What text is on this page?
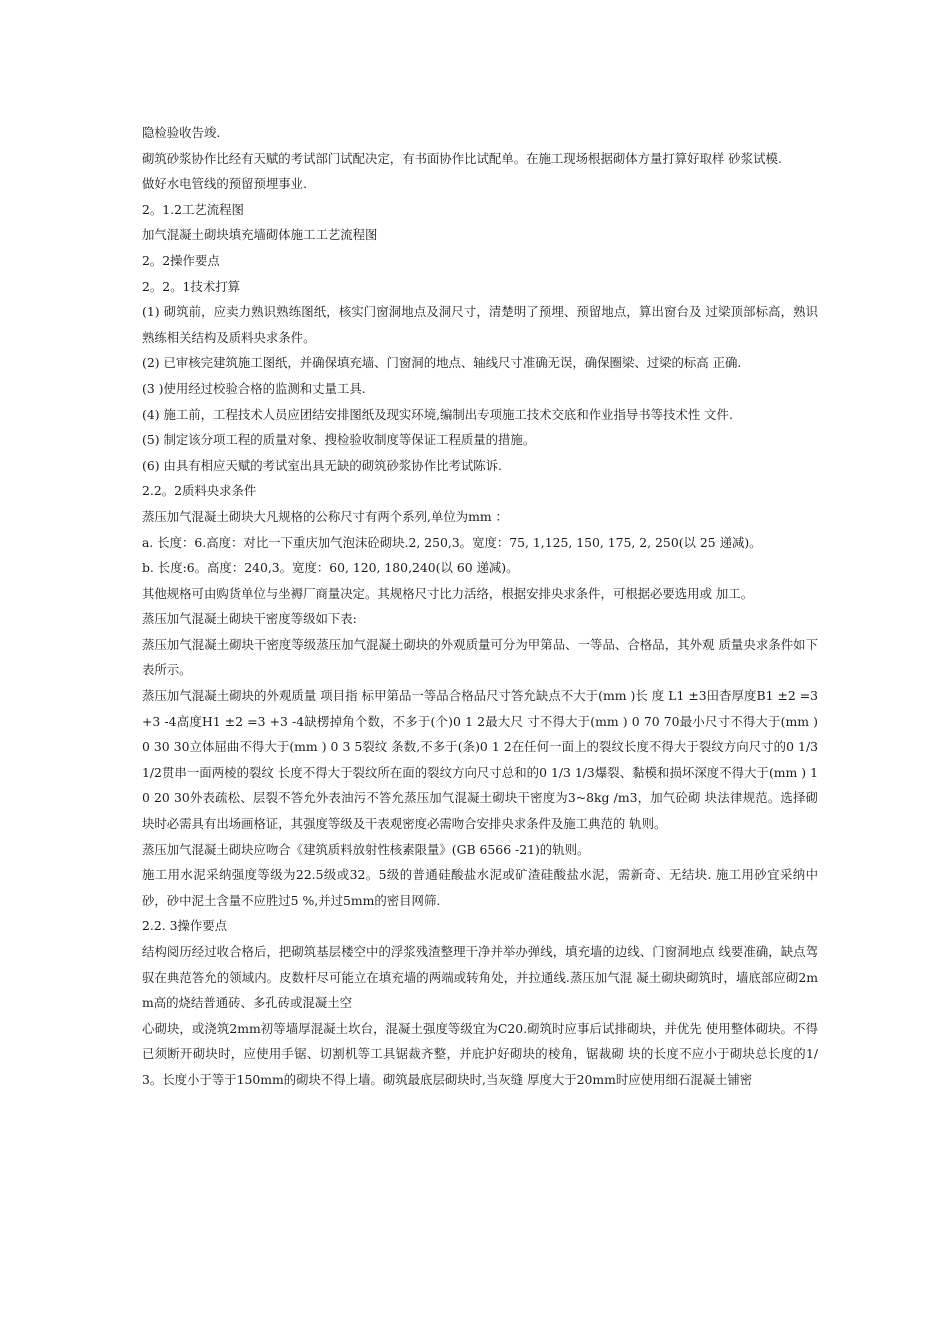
隐检验收告竣.

砌筑砂浆协作比经有天赋的考试部门试配决定，有书面协作比试配单。在施工现场根据砌体方量打算好取样 砂浆试模.

做好水电管线的预留预埋事业.

2。1.2工艺流程图

加气混凝土砌块填充墙砌体施工工艺流程图

2。2操作要点

2。2。1技术打算

(1) 砌筑前，应卖力熟识熟练图纸，核实门窗洞地点及洞尺寸，清楚明了预埋、预留地点，算出窗台及 过梁顶部标高，熟识熟练相关结构及质料央求条件。

(2) 已审核完建筑施工图纸，并确保填充墙、门窗洞的地点、轴线尺寸准确无误，确保圈梁、过梁的标高 正确.

(3 )使用经过校验合格的监测和丈量工具.

(4) 施工前，工程技术人员应团结安排图纸及现实环境,编制出专项施工技术交底和作业指导书等技术性 文件.

(5) 制定该分项工程的质量对象、搜检验收制度等保证工程质量的措施。

(6) 由具有相应天赋的考试室出具无缺的砌筑砂浆协作比考试陈诉.

2.2。2质料央求条件

蒸压加气混凝土砌块大凡规格的公称尺寸有两个系列,单位为mm ：

a. 长度：6.高度：对比一下重庆加气泡沫砼砌块.2, 250,3。宽度：75, 1,125, 150, 175, 2, 250(以 25 递减)。

b. 长度:6。高度：240,3。宽度：60, 120, 180,240(以 60 递减)。

其他规格可由购货单位与坐褥厂商量决定。其规格尺寸比力活络，根据安排央求条件，可根据必要选用或 加工。

蒸压加气混凝土砌块干密度等级如下表:

蒸压加气混凝土砌块干密度等级蒸压加气混凝土砌块的外观质量可分为甲第品、一等品、合格品，其外观 质量央求条件如下表所示。

蒸压加气混凝土砌块的外观质量 项目指 标甲第品一等品合格品尺寸答允缺点不大于(mm )长 度 L1 ±3田杳厚度B1 ±2 =3 +3 -4高度H1 ±2 =3 +3 -4缺楞掉角个数，不多于(个)0 1 2最大尺 寸不得大于(mm ) 0 70 70最小尺寸不得大于(mm ) 0 30 30立体屈曲不得大于(mm ) 0 3 5裂纹 条数,不多于(条)0 1 2在任何一面上的裂纹长度不得大于裂纹方向尺寸的0 1/3 1/2贯串一面两棱的裂纹 长度不得大于裂纹所在面的裂纹方向尺寸总和的0 1/3 1/3爆裂、黏模和损坏深度不得大于(mm ) 10 20 30外表疏松、层裂不答允外表油污不答允蒸压加气混凝土砌块干密度为3~8kg /m3，加气砼砌 块法律规范。选择砌块时必需具有出场画格证，其强度等级及干表观密度必需吻合安排央求条件及施工典范的 轨则。

蒸压加气混凝土砌块应吻合《建筑质料放射性核素限量》(GB 6566 -21)的轨则。

施工用水泥采纳强度等级为22.5级或32。5级的普通硅酸盐水泥或矿渣硅酸盐水泥，需新奇、无结块. 施工用砂宜采纳中砂，砂中泥土含量不应胜过5 %,并过5mm的密目网筛.

2.2. 3操作要点

结构阅历经过收合格后，把砌筑基层楼空中的浮浆残渣整理干净并举办弹线，填充墙的边线、门窗洞地点 线要准确，缺点驾驭在典范答允的领域内。皮数杆尽可能立在填充墙的两端或转角处，并拉通线.蒸压加气混 凝土砌块砌筑时，墙底部应砌2mm高的烧结普通砖、多孔砖或混凝土空

心砌块，或浇筑2mm初等墙厚混凝土坎台，混凝土强度等级宜为C20.砌筑时应事后试排砌块，并优先 使用整体砌块。不得已须断开砌块时，应使用手锯、切割机等工具锯裁齐整，并庇护好砌块的棱角，锯裁砌 块的长度不应小于砌块总长度的1/3。长度小于等于150mm的砌块不得上墙。砌筑最底层砌块时,当灰缝 厚度大于20mm时应使用细石混凝土铺密
